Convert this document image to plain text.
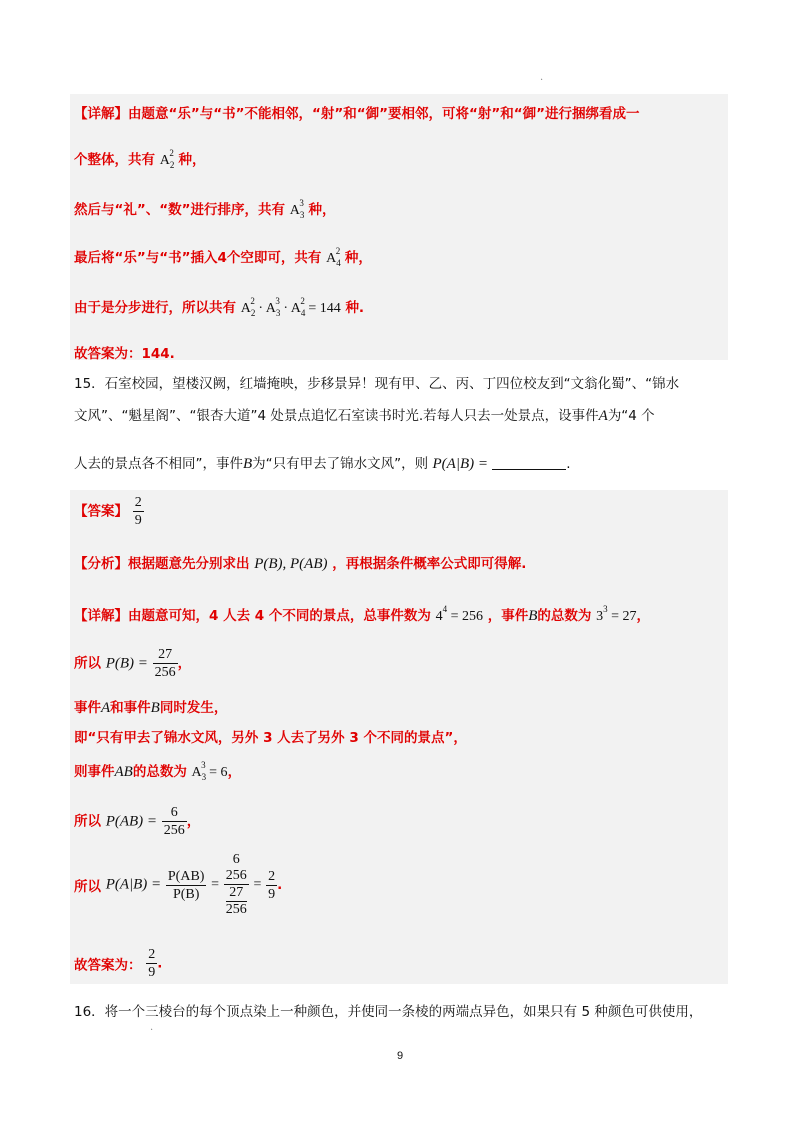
.
.
【详解】由题意“乐”与“书”不能相邻，“射”和“御”要相邻，可将“射”和“御”进行捆绑看成一
个整体，共有 $A_2^2$ 种，
然后与“礼”、“数”进行排序，共有 $A_3^3$ 种，
最后将“乐”与“书”插入4个空即可，共有 $A_4^2$ 种，
由于是分步进行，所以共有 $A_2^2 \cdot A_3^3 \cdot A_4^2 = 144$ 种.
故答案为：144.
15．石室校园，望楼汉阙，红墙掩映，步移景异！现有甲、乙、丙、丁四位校友到“文翁化蜀”、“锦水
文风”、“魁星阁”、“银杏大道”4 处景点追忆石室读书时光.若每人只去一处景点，设事件A为“4 个
人去的景点各不相同”，事件B为“只有甲去了锦水文风”，则 P(A|B) =	.
【答案】 $\frac{2}{9}$
【分析】根据题意先分别求出 P(B), P(AB) ，再根据条件概率公式即可得解.
【详解】由题意可知，4 人去 4 个不同的景点，总事件数为 $4^4 = 256$ ，事件B的总数为 $3^3 = 27$，
所以 $P(B) = \frac{27}{256}$ ，
事件A和事件B同时发生，
即“只有甲去了锦水文风，另外 3 人去了另外 3 个不同的景点”，
则事件AB的总数为 $A_3^3 = 6$，
所以 $P(AB) = \frac{6}{256}$ ，
所以 $P(A|B) = \frac{P(AB)}{P(B)} = 6$
256
27
$256 = \frac{2}{9}$ .
故答案为： $\frac{2}{9}$ .
16．将一个三棱台的每个顶点染上一种颜色，并使同一条棱的两端点异色，如果只有 5 种颜色可供使用，
9
